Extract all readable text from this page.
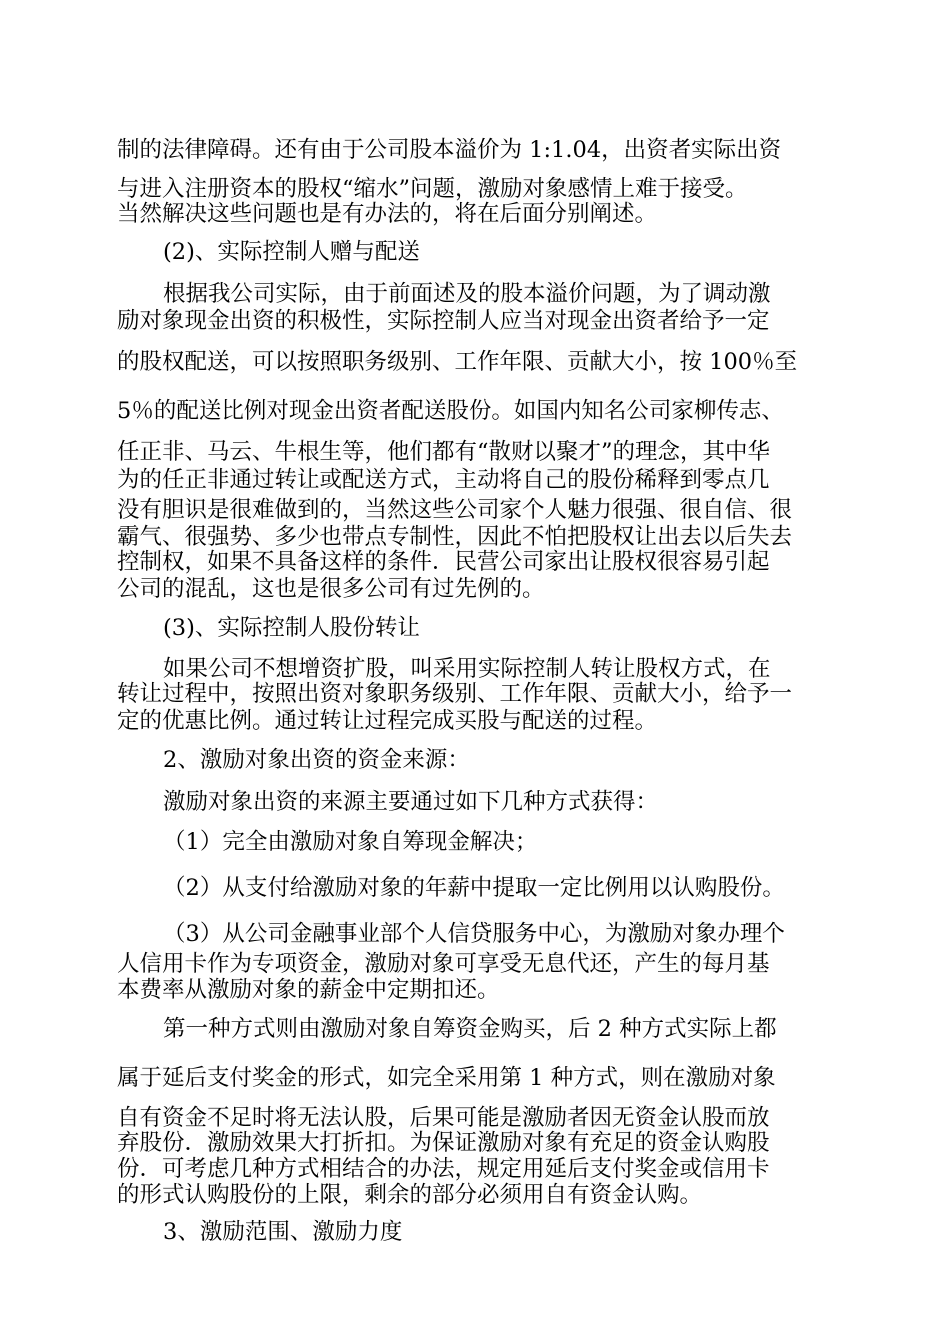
制的法律障碍。还有由于公司股本溢价为 1:1.04，出资者实际出资
与进入注册资本的股权“缩水”问题，激励对象感情上难于接受。
当然解决这些问题也是有办法的，将在后面分别阐述。
(2)、实际控制人赠与配送
根据我公司实际，由于前面述及的股本溢价问题，为了调动激
励对象现金出资的积极性，实际控制人应当对现金出资者给予一定
的股权配送，可以按照职务级别、工作年限、贡献大小，按 100％至
5％的配送比例对现金出资者配送股份。如国内知名公司家柳传志、
任正非、马云、牛根生等，他们都有“散财以聚才”的理念，其中华
为的任正非通过转让或配送方式，主动将自己的股份稀释到零点几
没有胆识是很难做到的，当然这些公司家个人魅力很强、很自信、很
霸气、很强势、多少也带点专制性，因此不怕把股权让出去以后失去
控制权，如果不具备这样的条件．民营公司家出让股权很容易引起
公司的混乱，这也是很多公司有过先例的。
(3)、实际控制人股份转让
如果公司不想增资扩股，叫采用实际控制人转让股权方式，在
转让过程中，按照出资对象职务级别、工作年限、贡献大小，给予一
定的优惠比例。通过转让过程完成买股与配送的过程。
2、激励对象出资的资金来源：
激励对象出资的来源主要通过如下几种方式获得：
（1）完全由激励对象自筹现金解决；
（2）从支付给激励对象的年薪中提取一定比例用以认购股份。
（3）从公司金融事业部个人信贷服务中心，为激励对象办理个
人信用卡作为专项资金，激励对象可享受无息代还，产生的每月基
本费率从激励对象的薪金中定期扣还。
第一种方式则由激励对象自筹资金购买，后 2 种方式实际上都
属于延后支付奖金的形式，如完全采用第 1 种方式，则在激励对象
自有资金不足时将无法认股，后果可能是激励者因无资金认股而放
弃股份．激励效果大打折扣。为保证激励对象有充足的资金认购股
份．可考虑几种方式相结合的办法，规定用延后支付奖金或信用卡
的形式认购股份的上限，剩余的部分必须用自有资金认购。
3、激励范围、激励力度
